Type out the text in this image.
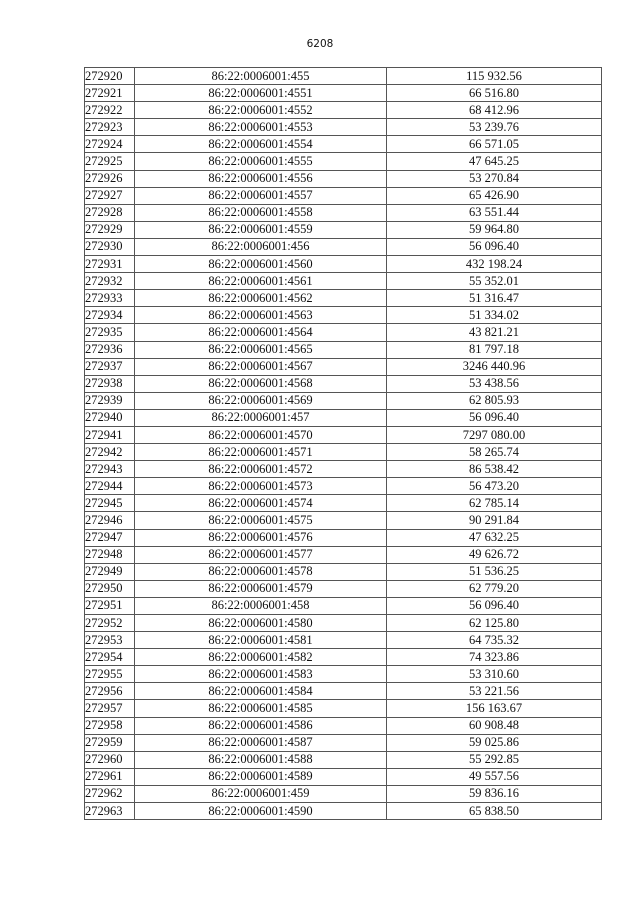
6208
272920	86:22:0006001:455	115 932.56
272921	86:22:0006001:4551	66 516.80
272922	86:22:0006001:4552	68 412.96
272923	86:22:0006001:4553	53 239.76
272924	86:22:0006001:4554	66 571.05
272925	86:22:0006001:4555	47 645.25
272926	86:22:0006001:4556	53 270.84
272927	86:22:0006001:4557	65 426.90
272928	86:22:0006001:4558	63 551.44
272929	86:22:0006001:4559	59 964.80
272930	86:22:0006001:456	56 096.40
272931	86:22:0006001:4560	432 198.24
272932	86:22:0006001:4561	55 352.01
272933	86:22:0006001:4562	51 316.47
272934	86:22:0006001:4563	51 334.02
272935	86:22:0006001:4564	43 821.21
272936	86:22:0006001:4565	81 797.18
272937	86:22:0006001:4567	3246 440.96
272938	86:22:0006001:4568	53 438.56
272939	86:22:0006001:4569	62 805.93
272940	86:22:0006001:457	56 096.40
272941	86:22:0006001:4570	7297 080.00
272942	86:22:0006001:4571	58 265.74
272943	86:22:0006001:4572	86 538.42
272944	86:22:0006001:4573	56 473.20
272945	86:22:0006001:4574	62 785.14
272946	86:22:0006001:4575	90 291.84
272947	86:22:0006001:4576	47 632.25
272948	86:22:0006001:4577	49 626.72
272949	86:22:0006001:4578	51 536.25
272950	86:22:0006001:4579	62 779.20
272951	86:22:0006001:458	56 096.40
272952	86:22:0006001:4580	62 125.80
272953	86:22:0006001:4581	64 735.32
272954	86:22:0006001:4582	74 323.86
272955	86:22:0006001:4583	53 310.60
272956	86:22:0006001:4584	53 221.56
272957	86:22:0006001:4585	156 163.67
272958	86:22:0006001:4586	60 908.48
272959	86:22:0006001:4587	59 025.86
272960	86:22:0006001:4588	55 292.85
272961	86:22:0006001:4589	49 557.56
272962	86:22:0006001:459	59 836.16
272963	86:22:0006001:4590	65 838.50
